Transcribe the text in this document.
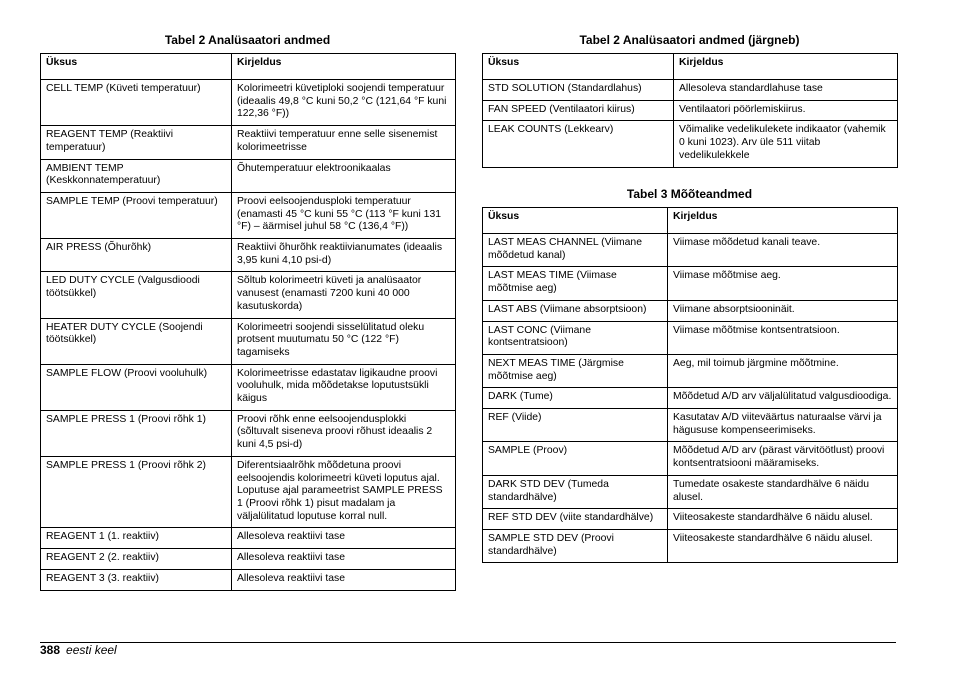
Tabel 2 Analüsaatori andmed	Tabel 2 Analüsaatori andmed (järgneb)
Tabel 3 Mõõteandmed
Üksus	Kirjeldus
CELL TEMP (Küveti temperatuur)	Kolorimeetri küvetiploki soojendi temperatuur (ideaalis 49,8 °C kuni 50,2 °C (121,64 °F kuni 122,36 °F))
REAGENT TEMP (Reaktiivi temperatuur)	Reaktiivi temperatuur enne selle sisenemist kolorimeetrisse
AMBIENT TEMP (Keskkonnatemperatuur)	Õhutemperatuur elektroonikaalas
SAMPLE TEMP (Proovi temperatuur)	Proovi eelsoojendusploki temperatuur (enamasti 45 °C kuni 55 °C (113 °F kuni 131 °F) – äärmisel juhul 58 °C (136,4 °F))
AIR PRESS (Õhurõhk)	Reaktiivi õhurõhk reaktiivianumates (ideaalis 3,95 kuni 4,10 psi-d)
LED DUTY CYCLE (Valgusdioodi töötsükkel)	Sõltub kolorimeetri küveti ja analüsaator vanusest (enamasti 7200 kuni 40 000 kasutuskorda)
HEATER DUTY CYCLE (Soojendi töötsükkel)	Kolorimeetri soojendi sisselülitatud oleku protsent muutumatu 50 °C (122 °F) tagamiseks
SAMPLE FLOW (Proovi vooluhulk)	Kolorimeetrisse edastatav ligikaudne proovi vooluhulk, mida mõõdetakse loputustsükli käigus
SAMPLE PRESS 1 (Proovi rõhk 1)	Proovi rõhk enne eelsoojendusplokki (sõltuvalt siseneva proovi rõhust ideaalis 2 kuni 4,5 psi-d)
SAMPLE PRESS 1 (Proovi rõhk 2)	Diferentsiaalrõhk mõõdetuna proovi eelsoojendis kolorimeetri küveti loputus ajal. Loputuse ajal parameetrist SAMPLE PRESS 1 (Proovi rõhk 1) pisut madalam ja väljalülitatud loputuse korral null.
REAGENT 1 (1. reaktiiv)	Allesoleva reaktiivi tase
REAGENT 2 (2. reaktiiv)	Allesoleva reaktiivi tase
REAGENT 3 (3. reaktiiv)	Allesoleva reaktiivi tase
Üksus	Kirjeldus
STD SOLUTION (Standardlahus)	Allesoleva standardlahuse tase
FAN SPEED (Ventilaatori kiirus)	Ventilaatori pöörlemiskiirus.
LEAK COUNTS (Lekkearv)	Võimalike vedelikulekete indikaator (vahemik 0 kuni 1023). Arv üle 511 viitab vedelikulekkele
Üksus	Kirjeldus
LAST MEAS CHANNEL (Viimane mõõdetud kanal)	Viimase mõõdetud kanali teave.
LAST MEAS TIME (Viimase mõõtmise aeg)	Viimase mõõtmise aeg.
LAST ABS (Viimane absorptsioon)	Viimane absorptsiooninäit.
LAST CONC (Viimane kontsentratsioon)	Viimase mõõtmise kontsentratsioon.
NEXT MEAS TIME (Järgmise mõõtmise aeg)	Aeg, mil toimub järgmine mõõtmine.
DARK (Tume)	Mõõdetud A/D arv väljalülitatud valgusdioodiga.
REF (Viide)	Kasutatav A/D viiteväärtus naturaalse värvi ja hägususe kompenseerimiseks.
SAMPLE (Proov)	Mõõdetud A/D arv (pärast värvitöötlust) proovi kontsentratsiooni määramiseks.
DARK STD DEV (Tumeda standardhälve)	Tumedate osakeste standardhälve 6 näidu alusel.
REF STD DEV (viite standardhälve)	Viiteosakeste standardhälve 6 näidu alusel.
SAMPLE STD DEV (Proovi standardhälve)	Viiteosakeste standardhälve 6 näidu alusel.
388 eesti keel
